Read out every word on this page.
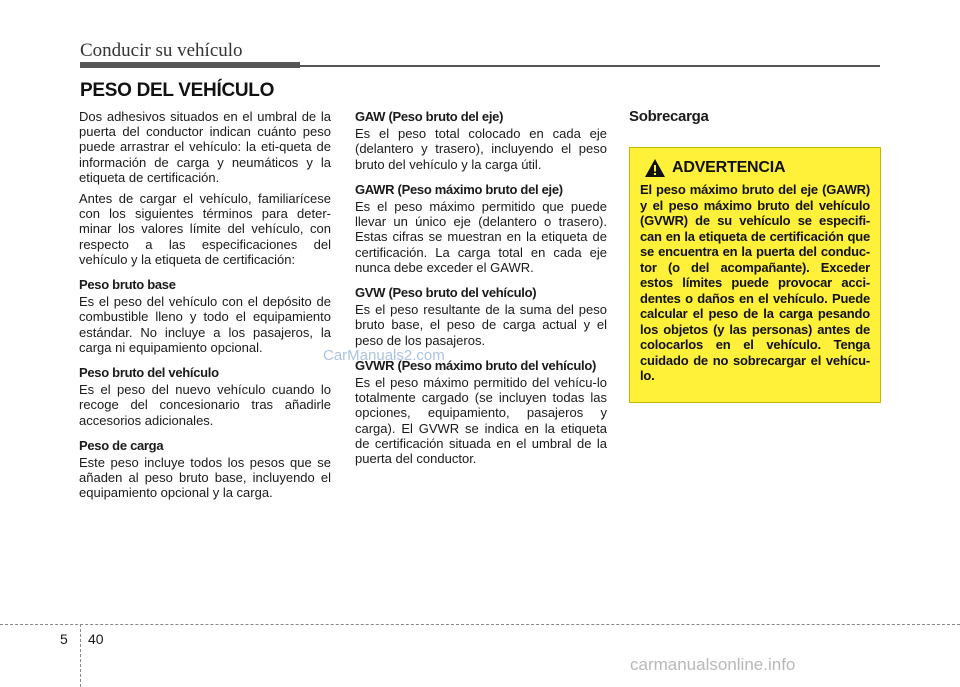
Conducir su vehículo
PESO DEL VEHÍCULO

Dos adhesivos situados en el umbral de la puerta del conductor indican cuánto peso puede arrastrar el vehículo: la eti-queta de información de carga y neumáticos y la etiqueta de certificación.

Antes de cargar el vehículo, familiarícese con los siguientes términos para deter-minar los valores límite del vehículo, con respecto a las especificaciones del vehículo y la etiqueta de certificación:

Peso bruto base

Es el peso del vehículo con el depósito de combustible lleno y todo el equipamiento estándar. No incluye a los pasajeros, la carga ni equipamiento opcional.

Peso bruto del vehículo

Es el peso del nuevo vehículo cuando lo recoge del concesionario tras añadirle accesorios adicionales.

Peso de carga

Este peso incluye todos los pesos que se añaden al peso bruto base, incluyendo el equipamiento opcional y la carga.

GAW (Peso bruto del eje)

Es el peso total colocado en cada eje (delantero y trasero), incluyendo el peso bruto del vehículo y la carga útil.

GAWR (Peso máximo bruto del eje)

Es el peso máximo permitido que puede llevar un único eje (delantero o trasero). Estas cifras se muestran en la etiqueta de certificación. La carga total en cada eje nunca debe exceder el GAWR.

GVW (Peso bruto del vehículo)

Es el peso resultante de la suma del peso bruto base, el peso de carga actual y el peso de los pasajeros.

GVWR (Peso máximo bruto del vehículo)

Es el peso máximo permitido del vehícu-lo totalmente cargado (se incluyen todas las opciones, equipamiento, pasajeros y carga). El GVWR se indica en la etiqueta de certificación situada en el umbral de la puerta del conductor.

Sobrecarga
ADVERTENCIA
El peso máximo bruto del eje (GAWR) y el peso máximo bruto del vehículo (GVWR) de su vehículo se especifi-can en la etiqueta de certificación que se encuentra en la puerta del conduc-tor (o del acompañante). Exceder estos límites puede provocar acci-dentes o daños en el vehículo. Puede calcular el peso de la carga pesando los objetos (y las personas) antes de colocarlos en el vehículo. Tenga cuidado de no sobrecargar el vehícu-lo.
CarManuals2.com
5 40
carmanualsonline.info
